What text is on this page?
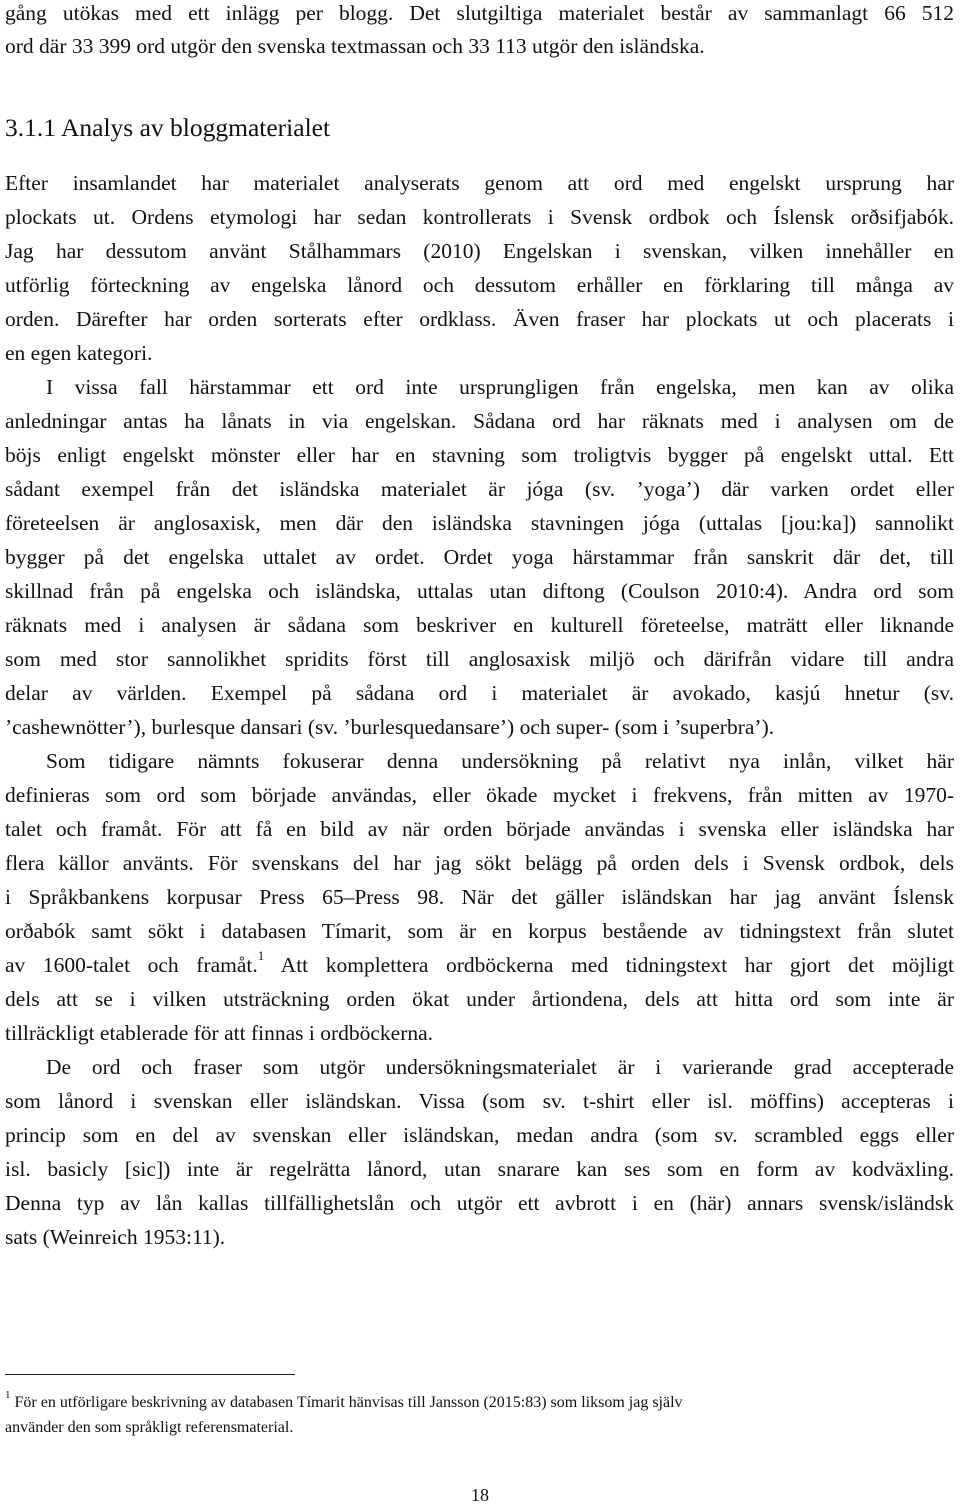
gång utökas med ett inlägg per blogg. Det slutgiltiga materialet består av sammanlagt 66 512
ord där 33 399 ord utgör den svenska textmassan och 33 113 utgör den isländska.
3.1.1 Analys av bloggmaterialet
Efter insamlandet har materialet analyserats genom att ord med engelskt ursprung har
plockats ut. Ordens etymologi har sedan kontrollerats i Svensk ordbok och Íslensk orðsifjabók.
Jag har dessutom använt Stålhammars (2010) Engelskan i svenskan, vilken innehåller en
utförlig förteckning av engelska lånord och dessutom erhåller en förklaring till många av
orden. Därefter har orden sorterats efter ordklass. Även fraser har plockats ut och placerats i
en egen kategori.
I vissa fall härstammar ett ord inte ursprungligen från engelska, men kan av olika
anledningar antas ha lånats in via engelskan. Sådana ord har räknats med i analysen om de
böjs enligt engelskt mönster eller har en stavning som troligtvis bygger på engelskt uttal. Ett
sådant exempel från det isländska materialet är jóga (sv. ’yoga’) där varken ordet eller
företeelsen är anglosaxisk, men där den isländska stavningen jóga (uttalas [jou:ka]) sannolikt
bygger på det engelska uttalet av ordet. Ordet yoga härstammar från sanskrit där det, till
skillnad från på engelska och isländska, uttalas utan diftong (Coulson 2010:4). Andra ord som
räknats med i analysen är sådana som beskriver en kulturell företeelse, maträtt eller liknande
som med stor sannolikhet spridits först till anglosaxisk miljö och därifrån vidare till andra
delar av världen. Exempel på sådana ord i materialet är avokado, kasjú hnetur (sv.
’cashewnötter’), burlesque dansari (sv. ’burlesquedansare’) och super- (som i ’superbra’).
Som tidigare nämnts fokuserar denna undersökning på relativt nya inlån, vilket här
definieras som ord som började användas, eller ökade mycket i frekvens, från mitten av 1970-
talet och framåt. För att få en bild av när orden började användas i svenska eller isländska har
flera källor använts. För svenskans del har jag sökt belägg på orden dels i Svensk ordbok, dels
i Språkbankens korpusar Press 65–Press 98. När det gäller isländskan har jag använt Íslensk
orðabók samt sökt i databasen Tímarit, som är en korpus bestående av tidningstext från slutet
av 1600-talet och framåt.$^1$ Att komplettera ordböckerna med tidningstext har gjort det möjligt
dels att se i vilken utsträckning orden ökat under årtiondena, dels att hitta ord som inte är
tillräckligt etablerade för att finnas i ordböckerna.
De ord och fraser som utgör undersökningsmaterialet är i varierande grad accepterade
som lånord i svenskan eller isländskan. Vissa (som sv. t-shirt eller isl. möffins) accepteras i
princip som en del av svenskan eller isländskan, medan andra (som sv. scrambled eggs eller
isl. basicly [sic]) inte är regelrätta lånord, utan snarare kan ses som en form av kodväxling.
Denna typ av lån kallas tillfällighetslån och utgör ett avbrott i en (här) annars svensk/isländsk
sats (Weinreich 1953:11).
$^1$ För en utförligare beskrivning av databasen Tímarit hänvisas till Jansson (2015:83) som liksom jag själv
använder den som språkligt referensmaterial.
18
